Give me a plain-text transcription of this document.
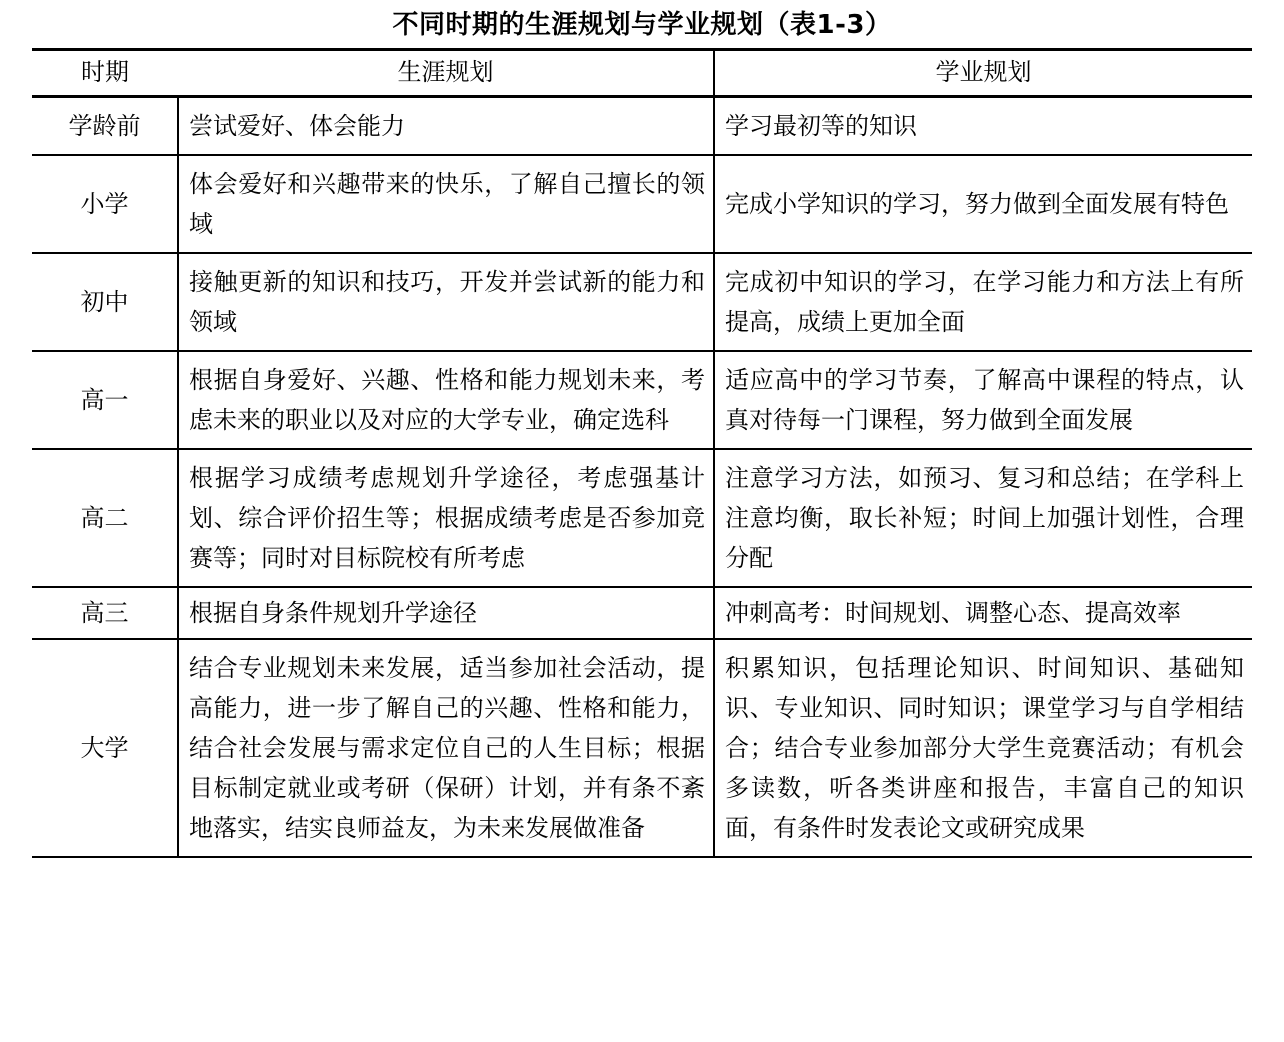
不同时期的生涯规划与学业规划（表1-3）
时期	生涯规划	学业规划
学龄前	尝试爱好、体会能力	学习最初等的知识
小学	体会爱好和兴趣带来的快乐，了解自己擅长的领域	完成小学知识的学习，努力做到全面发展有特色
初中	接触更新的知识和技巧，开发并尝试新的能力和领域	完成初中知识的学习，在学习能力和方法上有所提高，成绩上更加全面
高一	根据自身爱好、兴趣、性格和能力规划未来，考虑未来的职业以及对应的大学专业，确定选科	适应高中的学习节奏，了解高中课程的特点，认真对待每一门课程，努力做到全面发展
高二	根据学习成绩考虑规划升学途径，考虑强基计划、综合评价招生等；根据成绩考虑是否参加竞赛等；同时对目标院校有所考虑	注意学习方法，如预习、复习和总结；在学科上注意均衡，取长补短；时间上加强计划性，合理分配
高三	根据自身条件规划升学途径	冲刺高考：时间规划、调整心态、提高效率
大学	结合专业规划未来发展，适当参加社会活动，提高能力，进一步了解自己的兴趣、性格和能力，结合社会发展与需求定位自己的人生目标；根据目标制定就业或考研（保研）计划，并有条不紊地落实，结实良师益友，为未来发展做准备	积累知识，包括理论知识、时间知识、基础知识、专业知识、同时知识；课堂学习与自学相结合；结合专业参加部分大学生竞赛活动；有机会多读数，听各类讲座和报告，丰富自己的知识面，有条件时发表论文或研究成果
